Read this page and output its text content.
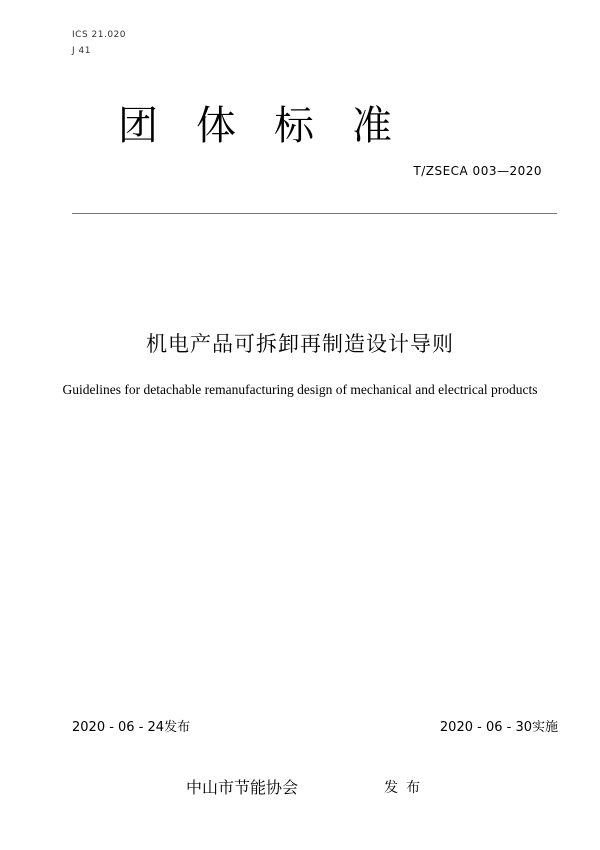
ICS 21.020
J 41
团体标准
T/ZSECA 003—2020
机电产品可拆卸再制造设计导则
Guidelines for detachable remanufacturing design of mechanical and electrical products
2020 - 06 - 24发布	2020 - 06 - 30实施
中山市节能协会	发布
